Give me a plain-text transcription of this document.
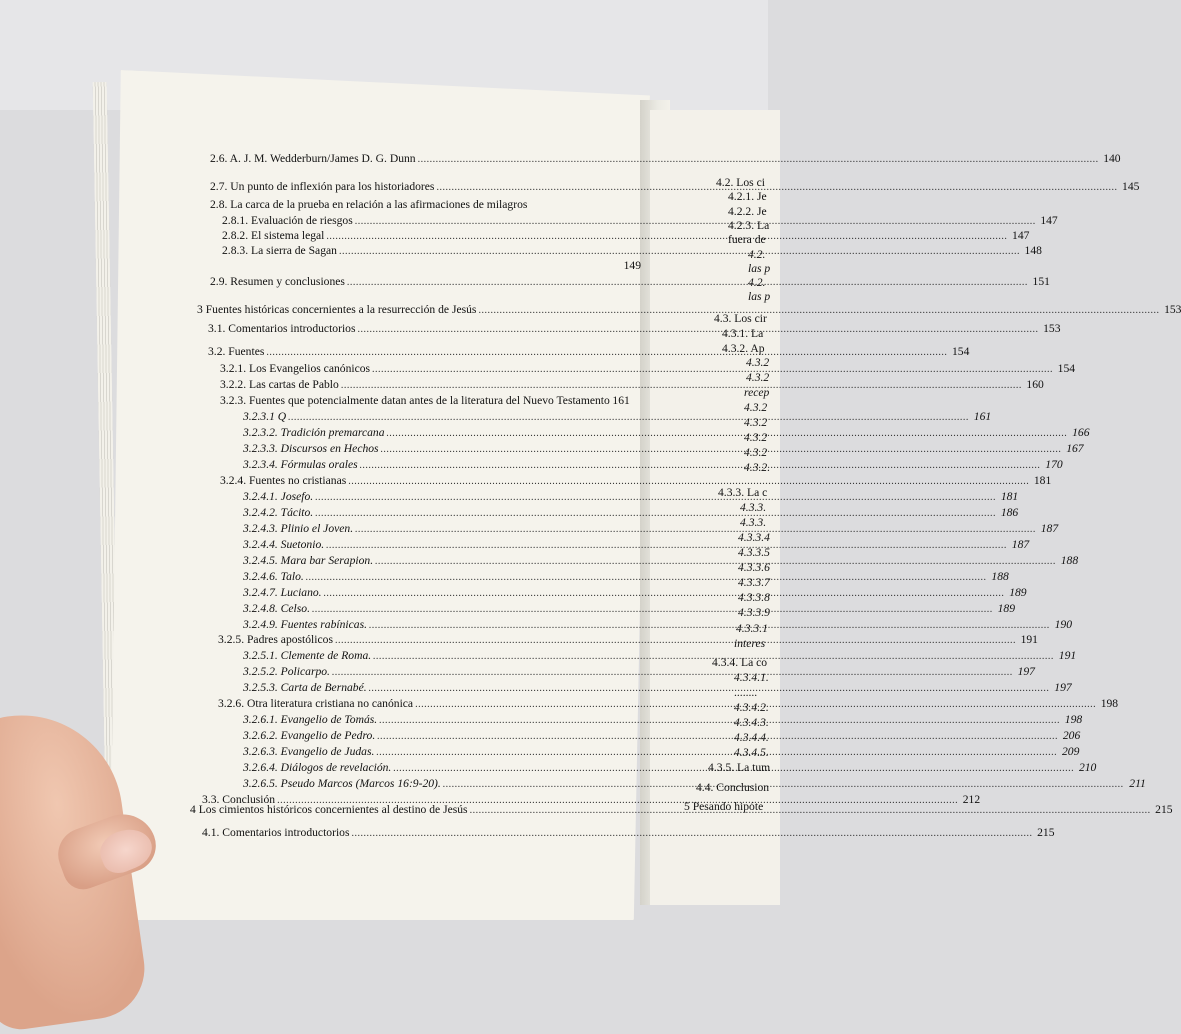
2.6. A. J. M. Wedderburn/James D. G. Dunn .....	140
2.7. Un punto de inflexión para los historiadores .....	145
2.8. La carca de la prueba en relación a las afirmaciones de milagros
2.8.1. Evaluación de riesgos .....	147
2.8.2. El sistema legal .....	147
2.8.3. La sierra de Sagan .....	148
149
2.9. Resumen y conclusiones .....	151
3 Fuentes históricas concernientes a la resurrección de Jesús .....	153
3.1. Comentarios introductorios .....	153
3.2. Fuentes .....	154
3.2.1. Los Evangelios canónicos .....	154
3.2.2. Las cartas de Pablo .....	160
3.2.3. Fuentes que potencialmente datan antes de la literatura del Nuevo Testamento 161
3.2.3.1 Q .....	161
3.2.3.2. Tradición premarcana .....	166
3.2.3.3. Discursos en Hechos .....	167
3.2.3.4. Fórmulas orales .....	170
3.2.4. Fuentes no cristianas .....	181
3.2.4.1. Josefo. .....	181
3.2.4.2. Tácito. .....	186
3.2.4.3. Plinio el Joven. .....	187
3.2.4.4. Suetonio. .....	187
3.2.4.5. Mara bar Serapion. .....	188
3.2.4.6. Talo. .....	188
3.2.4.7. Luciano. .....	189
3.2.4.8. Celso. .....	189
3.2.4.9. Fuentes rabínicas. .....	190
3.2.5. Padres apostólicos .....	191
3.2.5.1. Clemente de Roma. .....	191
3.2.5.2. Policarpo. .....	197
3.2.5.3. Carta de Bernabé. .....	197
3.2.6. Otra literatura cristiana no canónica .....	198
3.2.6.1. Evangelio de Tomás. .....	198
3.2.6.2. Evangelio de Pedro. .....	206
3.2.6.3. Evangelio de Judas. .....	209
3.2.6.4. Diálogos de revelación. .....	210
3.2.6.5. Pseudo Marcos (Marcos 16:9-20). .....	211
3.3. Conclusión .....	212
4 Los cimientos históricos concernientes al destino de Jesús .....	215
4.1. Comentarios introductorios .....	215
4.2. Los ci
4.2.1. Je
4.2.2. Je
4.2.3. La
fuera de
4.2.
las p
4.2.
las p
4.3. Los cir
4.3.1. La
4.3.2. Ap
4.3.2
4.3.2
recep
4.3.2
4.3.2
4.3.2
4.3.2
4.3.2.
4.3.3. La c
4.3.3.
4.3.3.
4.3.3.4
4.3.3.5
4.3.3.6
4.3.3.7
4.3.3.8
4.3.3.9
4.3.3.1
interes
4.3.4. La co
4.3.4.1.
........
4.3.4.2.
4.3.4.3.
4.3.4.4.
4.3.4.5.
4.3.5. La tum
4.4. Conclusion
5 Pesando hipóte
